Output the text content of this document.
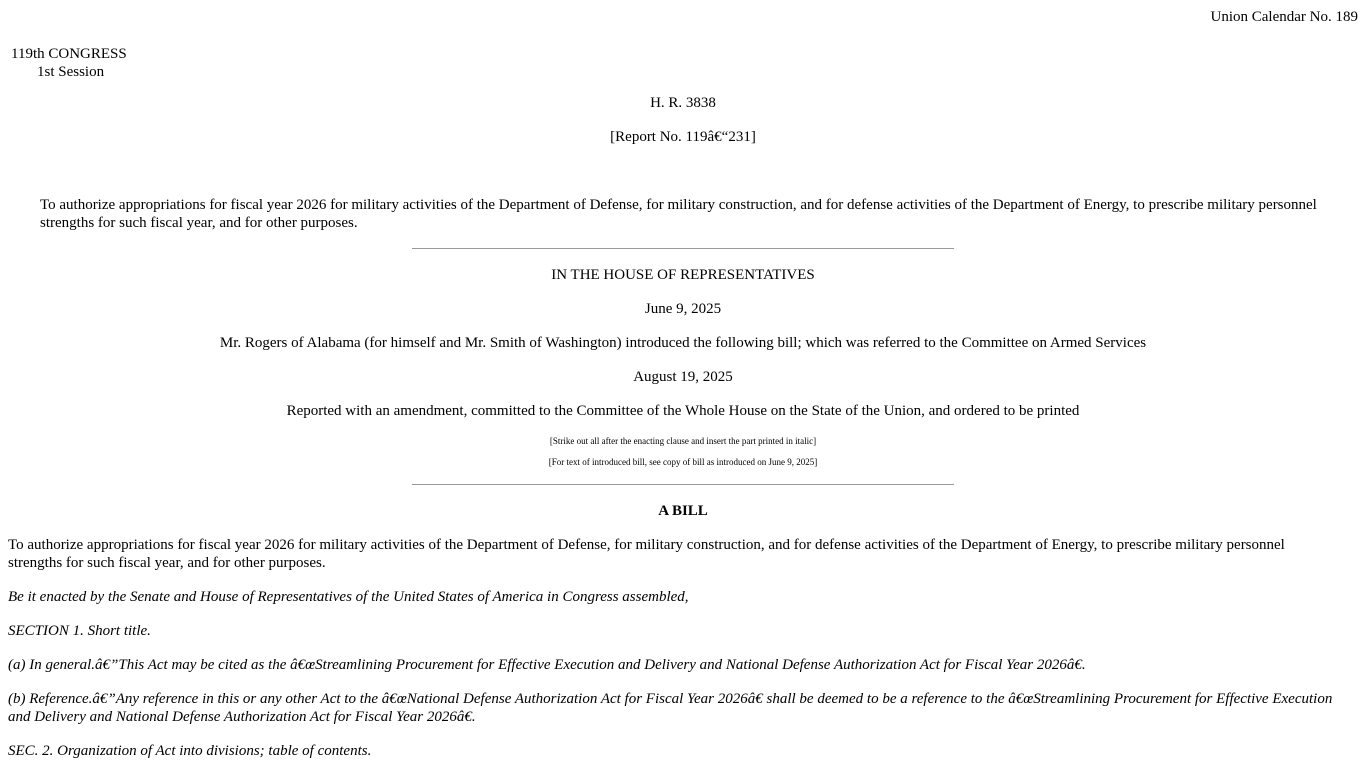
Union Calendar No. 189
119th CONGRESS
1st Session
H. R. 3838
[Report No. 119â€“231]
To authorize appropriations for fiscal year 2026 for military activities of the Department of Defense, for military construction, and for defense activities of the Department of Energy, to prescribe military personnel strengths for such fiscal year, and for other purposes.
IN THE HOUSE OF REPRESENTATIVES
June 9, 2025
Mr. Rogers of Alabama (for himself and Mr. Smith of Washington) introduced the following bill; which was referred to the Committee on Armed Services
August 19, 2025
Reported with an amendment, committed to the Committee of the Whole House on the State of the Union, and ordered to be printed
[Strike out all after the enacting clause and insert the part printed in italic]
[For text of introduced bill, see copy of bill as introduced on June 9, 2025]
A BILL
To authorize appropriations for fiscal year 2026 for military activities of the Department of Defense, for military construction, and for defense activities of the Department of Energy, to prescribe military personnel strengths for such fiscal year, and for other purposes.
Be it enacted by the Senate and House of Representatives of the United States of America in Congress assembled,
SECTION 1. Short title.
(a) In general.â€”This Act may be cited as the â€œStreamlining Procurement for Effective Execution and Delivery and National Defense Authorization Act for Fiscal Year 2026â€.
(b) Reference.â€”Any reference in this or any other Act to the â€œNational Defense Authorization Act for Fiscal Year 2026â€ shall be deemed to be a reference to the â€œStreamlining Procurement for Effective Execution and Delivery and National Defense Authorization Act for Fiscal Year 2026â€.
SEC. 2. Organization of Act into divisions; table of contents.
